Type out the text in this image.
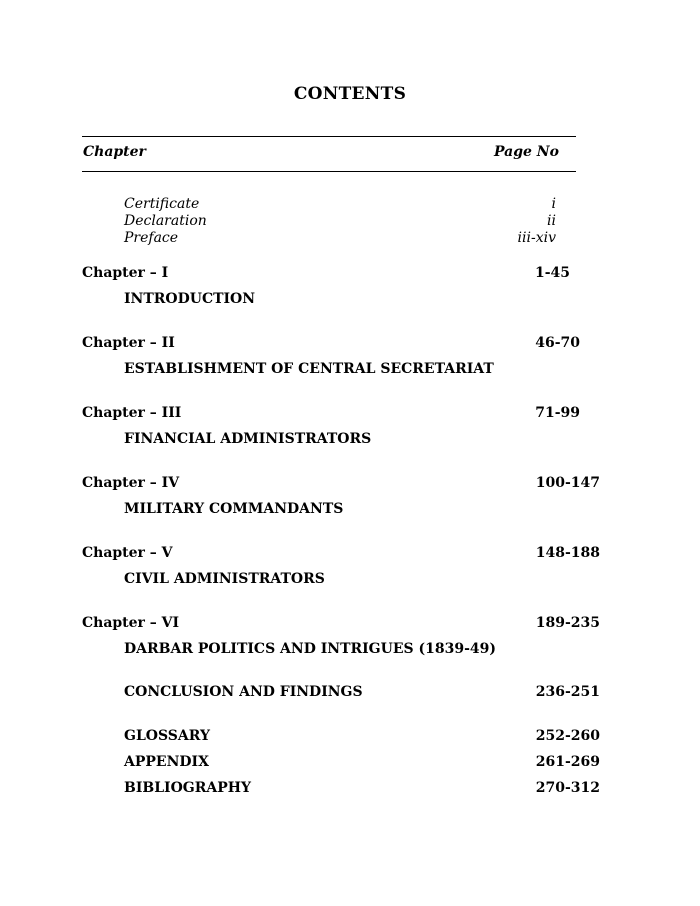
CONTENTS
Chapter	Page No
Certificate	i
Declaration	ii
Preface	iii-xiv
Chapter – I	1-45
INTRODUCTION
Chapter – II	46-70
ESTABLISHMENT OF CENTRAL SECRETARIAT
Chapter – III	71-99
FINANCIAL ADMINISTRATORS
Chapter – IV	100-147
MILITARY COMMANDANTS
Chapter – V	148-188
CIVIL ADMINISTRATORS
Chapter – VI	189-235
DARBAR POLITICS AND INTRIGUES (1839-49)
CONCLUSION AND FINDINGS	236-251
GLOSSARY	252-260
APPENDIX	261-269
BIBLIOGRAPHY	270-312
